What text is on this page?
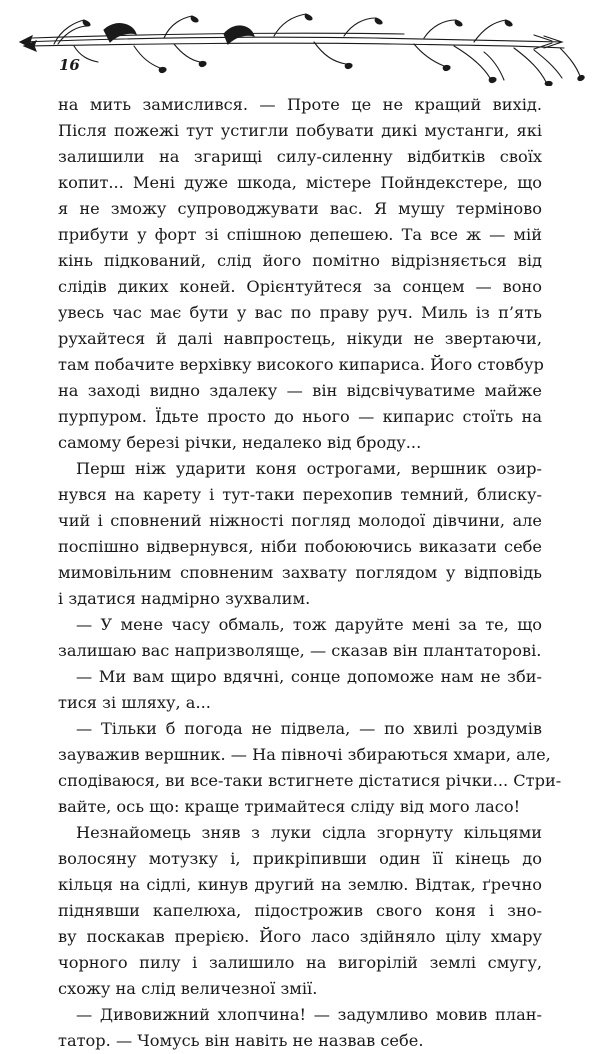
16
на мить замислився. — Проте це не кращий вихід.
Після пожежі тут устигли побувати дикі мустанги, які
залишили на згарищі силу-силенну відбитків своїх
копит... Мені дуже шкода, містере Пойндекстере, що
я не зможу супроводжувати вас. Я мушу терміново
прибути у форт зі спішною депешею. Та все ж — мій
кінь підкований, слід його помітно відрізняється від
слідів диких коней. Орієнтуйтеся за сонцем — воно
увесь час має бути у вас по праву руч. Миль із п’ять
рухайтеся й далі навпростець, нікуди не звертаючи,
там побачите верхівку високого кипариса. Його стовбур
на заході видно здалеку — він відсвічуватиме майже
пурпуром. Їдьте просто до нього — кипарис стоїть на
самому березі річки, недалеко від броду...
Перш ніж ударити коня острогами, вершник озир-
нувся на карету і тут-таки перехопив темний, блиску-
чий і сповнений ніжності погляд молодої дівчини, але
поспішно відвернувся, ніби побоюючись виказати себе
мимовільним сповненим захвату поглядом у відповідь
і здатися надмірно зухвалим.
— У мене часу обмаль, тож даруйте мені за те, що
залишаю вас напризволяще, — сказав він плантаторові.
— Ми вам щиро вдячні, сонце допоможе нам не зби-
тися зі шляху, а...
— Тільки б погода не підвела, — по хвилі роздумів
зауважив вершник. — На півночі збираються хмари, але,
сподіваюся, ви все-таки встигнете дістатися річки... Стри-
вайте, ось що: краще тримайтеся сліду від мого ласо!
Незнайомець зняв з луки сідла згорнуту кільцями
волосяну мотузку і, прикріпивши один її кінець до
кільця на сідлі, кинув другий на землю. Відтак, ґречно
піднявши капелюха, підострожив свого коня і зно-
ву поскакав прерією. Його ласо здійняло цілу хмару
чорного пилу і залишило на вигорілій землі смугу,
схожу на слід величезної змії.
— Дивовижний хлопчина! — задумливо мовив план-
татор. — Чомусь він навіть не назвав себе.
